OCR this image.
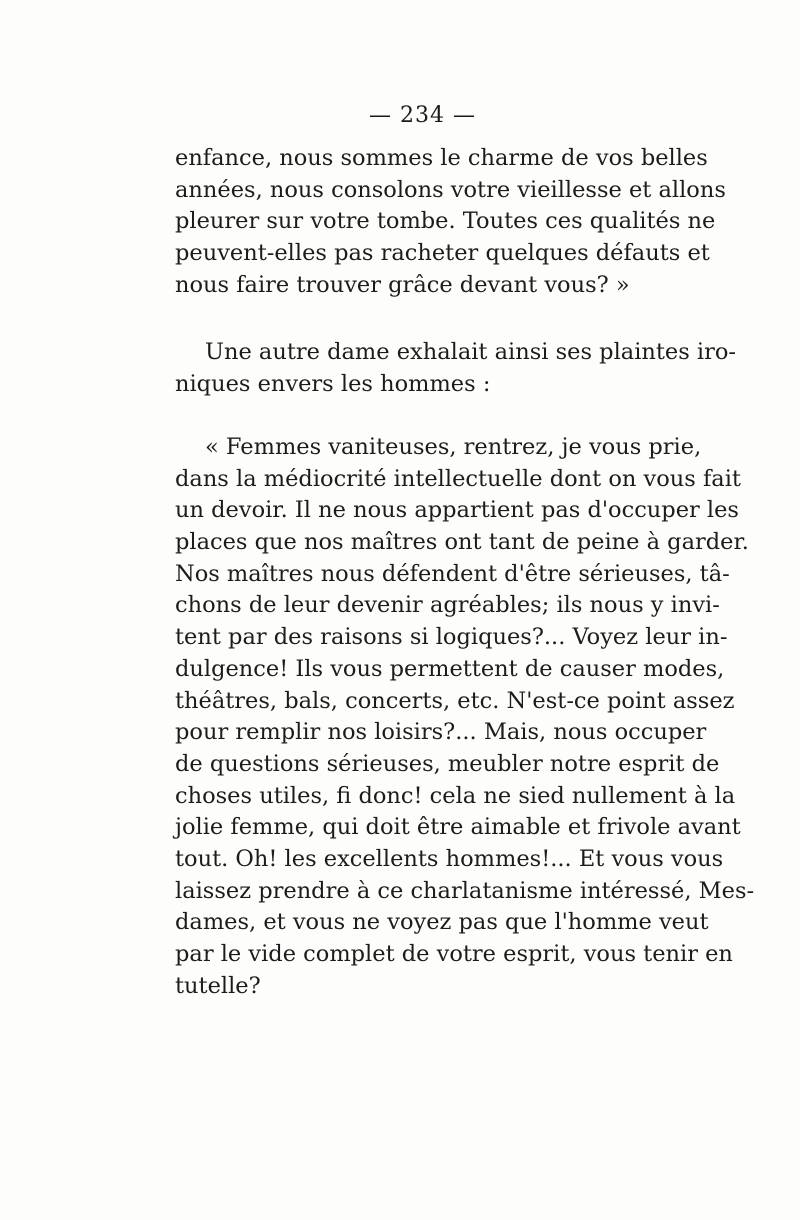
— 234 —
enfance, nous sommes le charme de vos belles
années, nous consolons votre vieillesse et allons
pleurer sur votre tombe. Toutes ces qualités ne
peuvent-elles pas racheter quelques défauts et
nous faire trouver grâce devant vous? »
Une autre dame exhalait ainsi ses plaintes iro-
niques envers les hommes :
« Femmes vaniteuses, rentrez, je vous prie,
dans la médiocrité intellectuelle dont on vous fait
un devoir. Il ne nous appartient pas d'occuper les
places que nos maîtres ont tant de peine à garder.
Nos maîtres nous défendent d'être sérieuses, tâ-
chons de leur devenir agréables; ils nous y invi-
tent par des raisons si logiques?... Voyez leur in-
dulgence! Ils vous permettent de causer modes,
théâtres, bals, concerts, etc. N'est-ce point assez
pour remplir nos loisirs?... Mais, nous occuper
de questions sérieuses, meubler notre esprit de
choses utiles, fi donc! cela ne sied nullement à la
jolie femme, qui doit être aimable et frivole avant
tout. Oh! les excellents hommes!... Et vous vous
laissez prendre à ce charlatanisme intéressé, Mes-
dames, et vous ne voyez pas que l'homme veut
par le vide complet de votre esprit, vous tenir en
tutelle?
